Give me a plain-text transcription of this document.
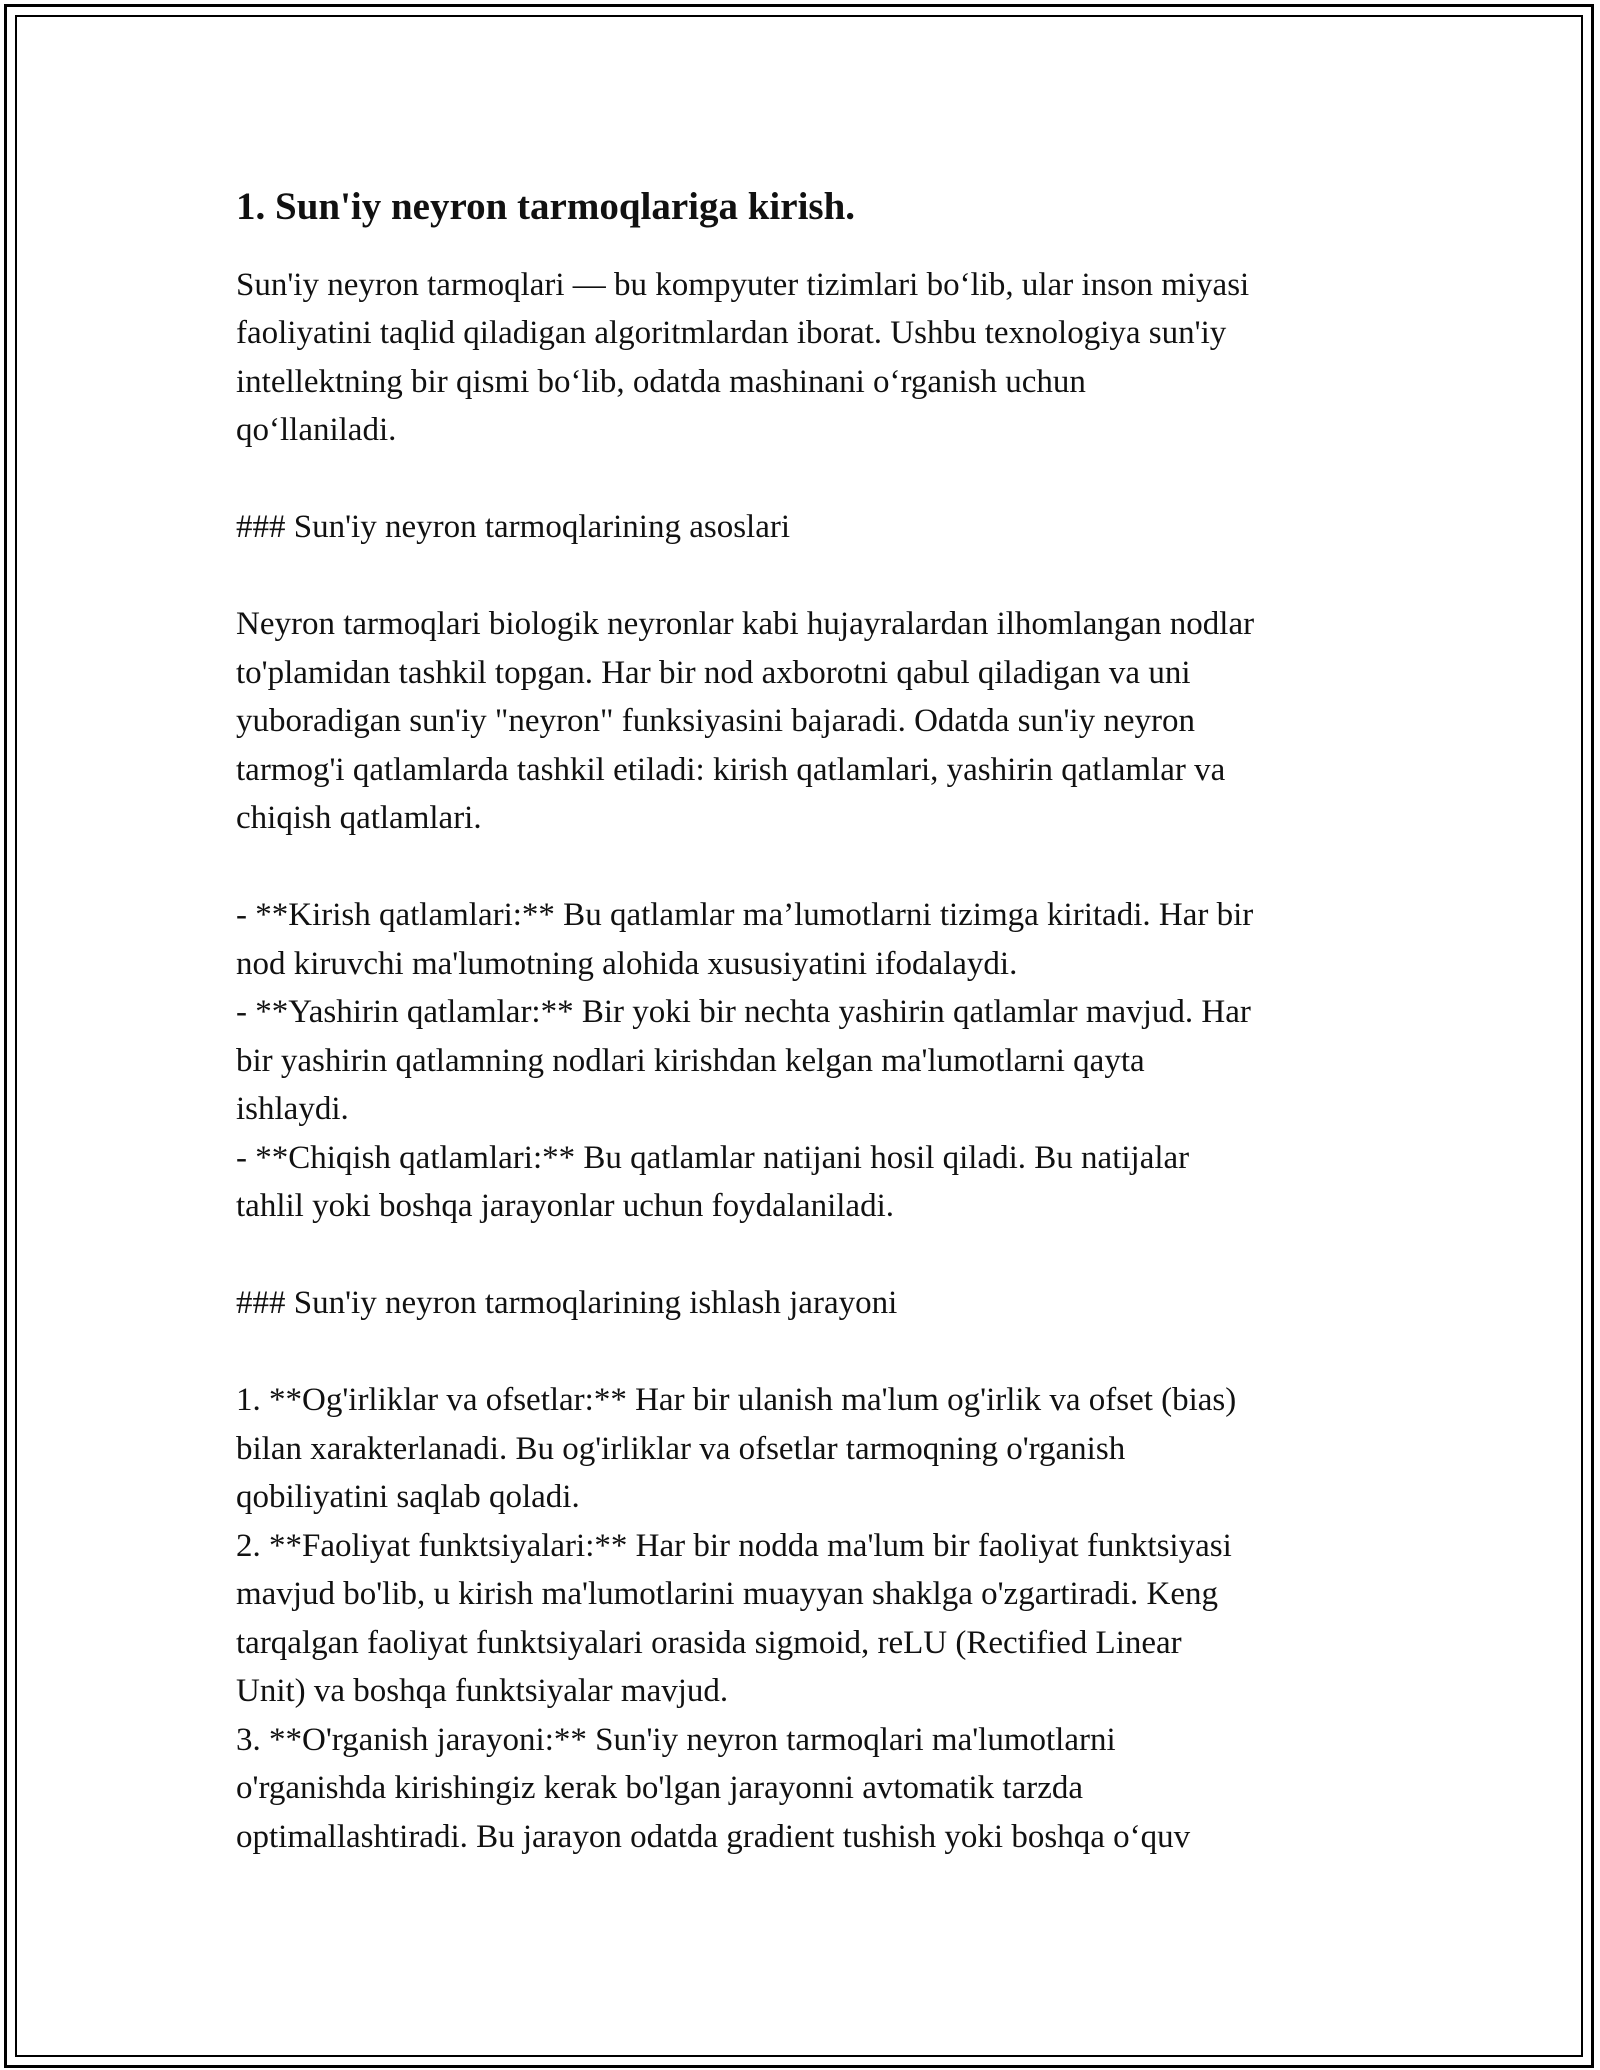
1. Sun'iy neyron tarmoqlariga kirish.

Sun'iy neyron tarmoqlari — bu kompyuter tizimlari bo‘lib, ular inson miyasi
faoliyatini taqlid qiladigan algoritmlardan iborat. Ushbu texnologiya sun'iy
intellektning bir qismi bo‘lib, odatda mashinani o‘rganish uchun
qo‘llaniladi.

### Sun'iy neyron tarmoqlarining asoslari

Neyron tarmoqlari biologik neyronlar kabi hujayralardan ilhomlangan nodlar
to'plamidan tashkil topgan. Har bir nod axborotni qabul qiladigan va uni
yuboradigan sun'iy "neyron" funksiyasini bajaradi. Odatda sun'iy neyron
tarmog'i qatlamlarda tashkil etiladi: kirish qatlamlari, yashirin qatlamlar va
chiqish qatlamlari.

- **Kirish qatlamlari:** Bu qatlamlar ma’lumotlarni tizimga kiritadi. Har bir
nod kiruvchi ma'lumotning alohida xususiyatini ifodalaydi.
- **Yashirin qatlamlar:** Bir yoki bir nechta yashirin qatlamlar mavjud. Har
bir yashirin qatlamning nodlari kirishdan kelgan ma'lumotlarni qayta
ishlaydi.
- **Chiqish qatlamlari:** Bu qatlamlar natijani hosil qiladi. Bu natijalar
tahlil yoki boshqa jarayonlar uchun foydalaniladi.

### Sun'iy neyron tarmoqlarining ishlash jarayoni

1. **Og'irliklar va ofsetlar:** Har bir ulanish ma'lum og'irlik va ofset (bias)
bilan xarakterlanadi. Bu og'irliklar va ofsetlar tarmoqning o'rganish
qobiliyatini saqlab qoladi.
2. **Faoliyat funktsiyalari:** Har bir nodda ma'lum bir faoliyat funktsiyasi
mavjud bo'lib, u kirish ma'lumotlarini muayyan shaklga o'zgartiradi. Keng
tarqalgan faoliyat funktsiyalari orasida sigmoid, reLU (Rectified Linear
Unit) va boshqa funktsiyalar mavjud.
3. **O'rganish jarayoni:** Sun'iy neyron tarmoqlari ma'lumotlarni
o'rganishda kirishingiz kerak bo'lgan jarayonni avtomatik tarzda
optimallashtiradi. Bu jarayon odatda gradient tushish yoki boshqa o‘quv
